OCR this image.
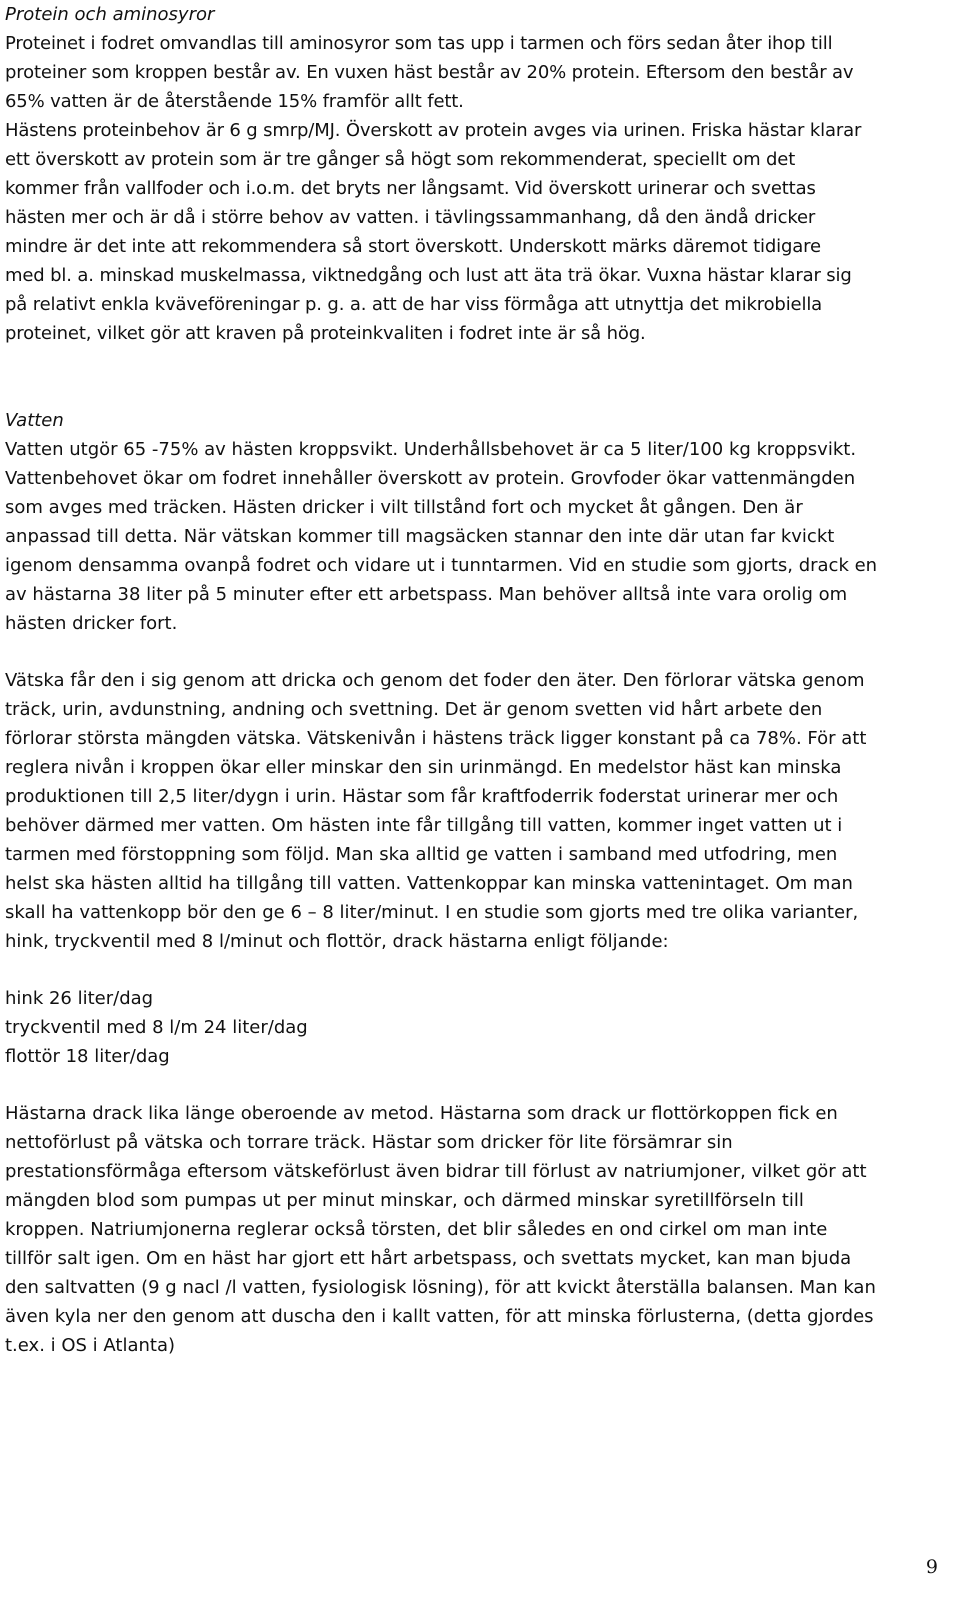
Protein och aminosyror

Proteinet i fodret omvandlas till aminosyror som tas upp i tarmen och förs sedan åter ihop till
proteiner som kroppen består av. En vuxen häst består av 20% protein. Eftersom den består av
65% vatten är de återstående 15% framför allt fett.
Hästens proteinbehov är 6 g smrp/MJ. Överskott av protein avges via urinen. Friska hästar klarar
ett överskott av protein som är tre gånger så högt som rekommenderat, speciellt om det
kommer från vallfoder och i.o.m. det bryts ner långsamt. Vid överskott urinerar och svettas
hästen mer och är då i större behov av vatten. i tävlingssammanhang, då den ändå dricker
mindre är det inte att rekommendera så stort överskott. Underskott märks däremot tidigare
med bl. a. minskad muskelmassa, viktnedgång och lust att äta trä ökar. Vuxna hästar klarar sig
på relativt enkla kväveföreningar p. g. a. att de har viss förmåga att utnyttja det mikrobiella
proteinet, vilket gör att kraven på proteinkvaliten i fodret inte är så hög.

Vatten

Vatten utgör 65 -75% av hästen kroppsvikt. Underhållsbehovet är ca 5 liter/100 kg kroppsvikt.
Vattenbehovet ökar om fodret innehåller överskott av protein. Grovfoder ökar vattenmängden
som avges med träcken. Hästen dricker i vilt tillstånd fort och mycket åt gången. Den är
anpassad till detta. När vätskan kommer till magsäcken stannar den inte där utan far kvickt
igenom densamma ovanpå fodret och vidare ut i tunntarmen. Vid en studie som gjorts, drack en
av hästarna 38 liter på 5 minuter efter ett arbetspass. Man behöver alltså inte vara orolig om
hästen dricker fort.

Vätska får den i sig genom att dricka och genom det foder den äter. Den förlorar vätska genom
träck, urin, avdunstning, andning och svettning. Det är genom svetten vid hårt arbete den
förlorar största mängden vätska. Vätskenivån i hästens träck ligger konstant på ca 78%. För att
reglera nivån i kroppen ökar eller minskar den sin urinmängd. En medelstor häst kan minska
produktionen till 2,5 liter/dygn i urin. Hästar som får kraftfoderrik foderstat urinerar mer och
behöver därmed mer vatten. Om hästen inte får tillgång till vatten, kommer inget vatten ut i
tarmen med förstoppning som följd. Man ska alltid ge vatten i samband med utfodring, men
helst ska hästen alltid ha tillgång till vatten. Vattenkoppar kan minska vattenintaget. Om man
skall ha vattenkopp bör den ge 6 – 8 liter/minut. I en studie som gjorts med tre olika varianter,
hink, tryckventil med 8 l/minut och flottör, drack hästarna enligt följande:

hink 26 liter/dag
tryckventil med 8 l/m 24 liter/dag
flottör 18 liter/dag

Hästarna drack lika länge oberoende av metod. Hästarna som drack ur flottörkoppen fick en
nettoförlust på vätska och torrare träck. Hästar som dricker för lite försämrar sin
prestationsförmåga eftersom vätskeförlust även bidrar till förlust av natriumjoner, vilket gör att
mängden blod som pumpas ut per minut minskar, och därmed minskar syretillförseln till
kroppen. Natriumjonerna reglerar också törsten, det blir således en ond cirkel om man inte
tillför salt igen. Om en häst har gjort ett hårt arbetspass, och svettats mycket, kan man bjuda
den saltvatten (9 g nacl /l vatten, fysiologisk lösning), för att kvickt återställa balansen. Man kan
även kyla ner den genom att duscha den i kallt vatten, för att minska förlusterna, (detta gjordes
t.ex. i OS i Atlanta)

9
